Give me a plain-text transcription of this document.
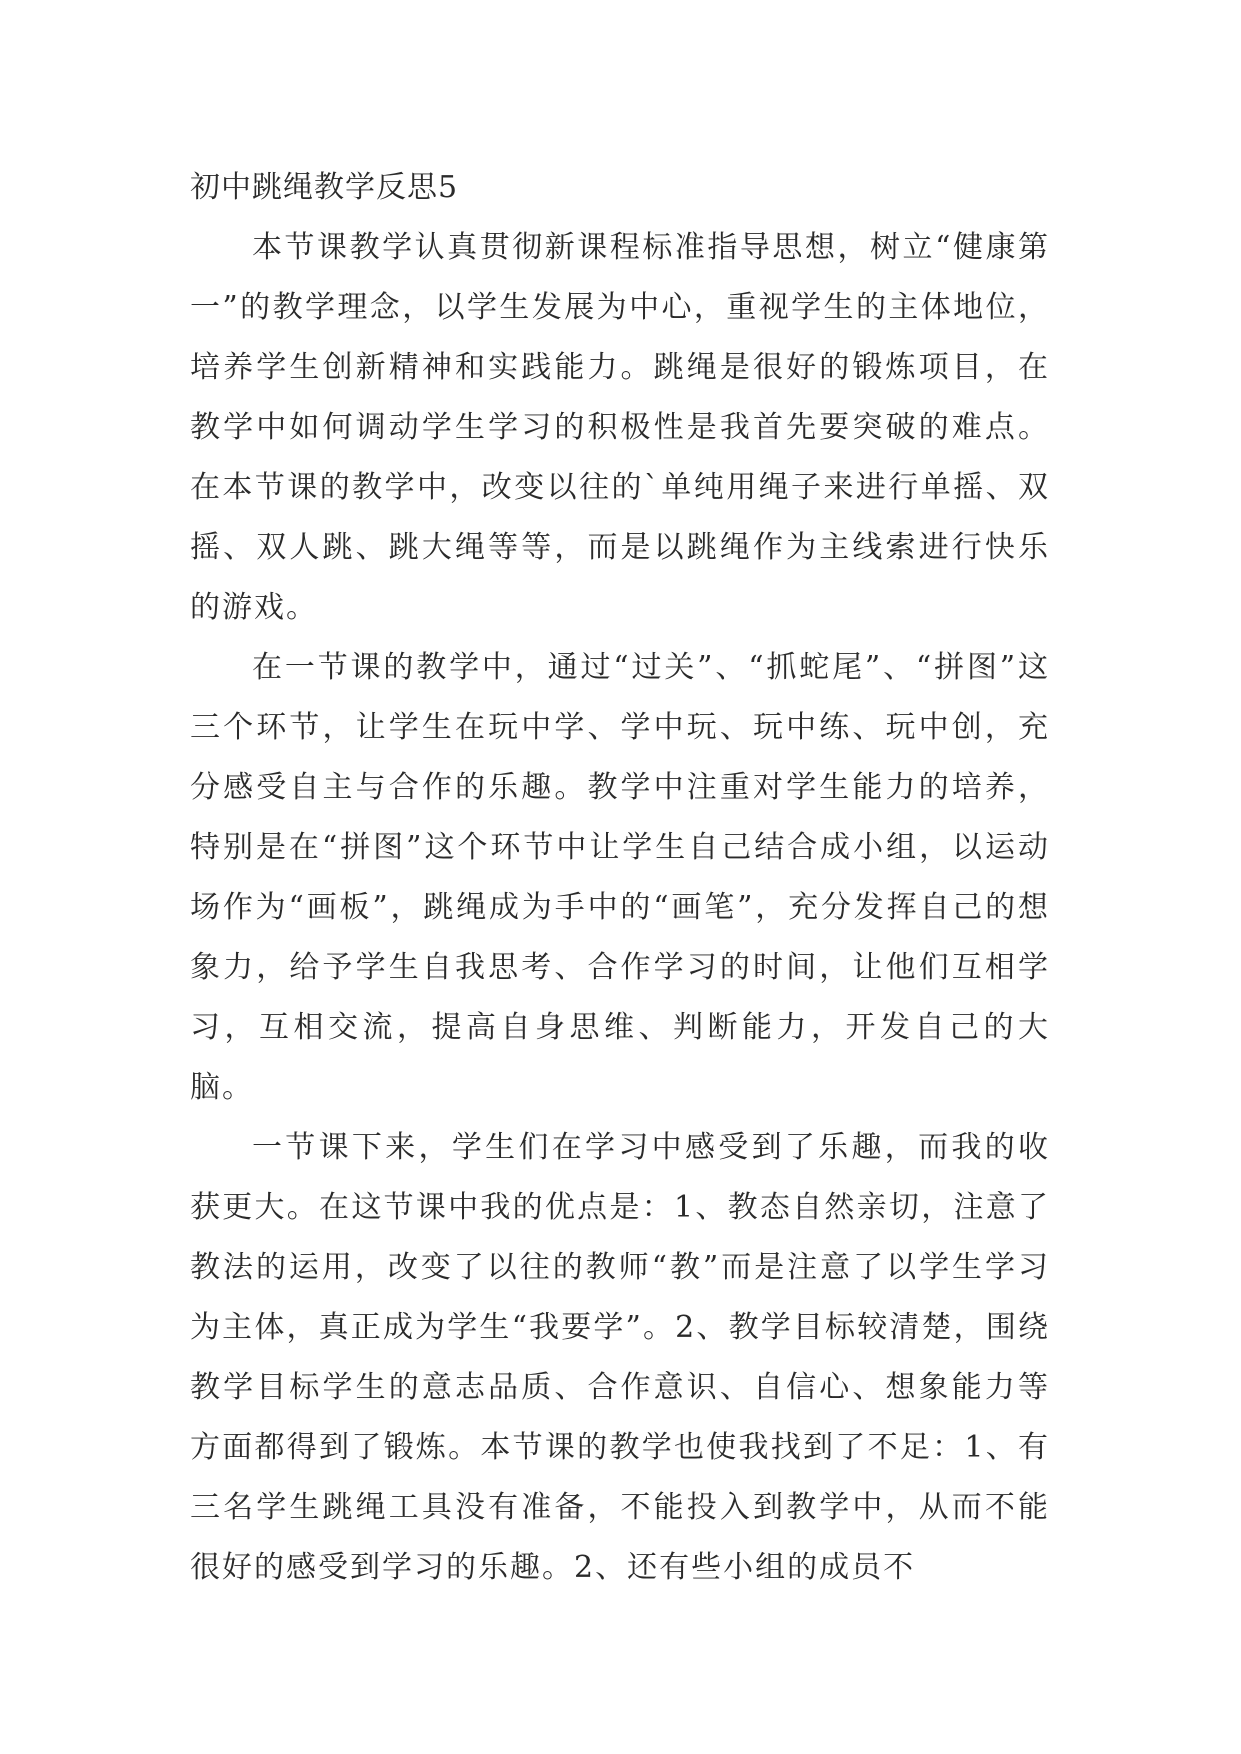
初中跳绳教学反思5

本节课教学认真贯彻新课程标准指导思想，树立“健康第一”的教学理念，以学生发展为中心，重视学生的主体地位，培养学生创新精神和实践能力。跳绳是很好的锻炼项目，在教学中如何调动学生学习的积极性是我首先要突破的难点。在本节课的教学中，改变以往的`单纯用绳子来进行单摇、双摇、双人跳、跳大绳等等，而是以跳绳作为主线索进行快乐的游戏。

在一节课的教学中，通过“过关”、“抓蛇尾”、“拼图”这三个环节，让学生在玩中学、学中玩、玩中练、玩中创，充分感受自主与合作的乐趣。教学中注重对学生能力的培养，特别是在“拼图”这个环节中让学生自己结合成小组，以运动场作为“画板”，跳绳成为手中的“画笔”，充分发挥自己的想象力，给予学生自我思考、合作学习的时间，让他们互相学习，互相交流，提高自身思维、判断能力，开发自己的大脑。

一节课下来，学生们在学习中感受到了乐趣，而我的收获更大。在这节课中我的优点是：1、教态自然亲切，注意了教法的运用，改变了以往的教师“教”而是注意了以学生学习为主体，真正成为学生“我要学”。2、教学目标较清楚，围绕教学目标学生的意志品质、合作意识、自信心、想象能力等方面都得到了锻炼。本节课的教学也使我找到了不足：1、有三名学生跳绳工具没有准备，不能投入到教学中，从而不能很好的感受到学习的乐趣。2、还有些小组的成员不
